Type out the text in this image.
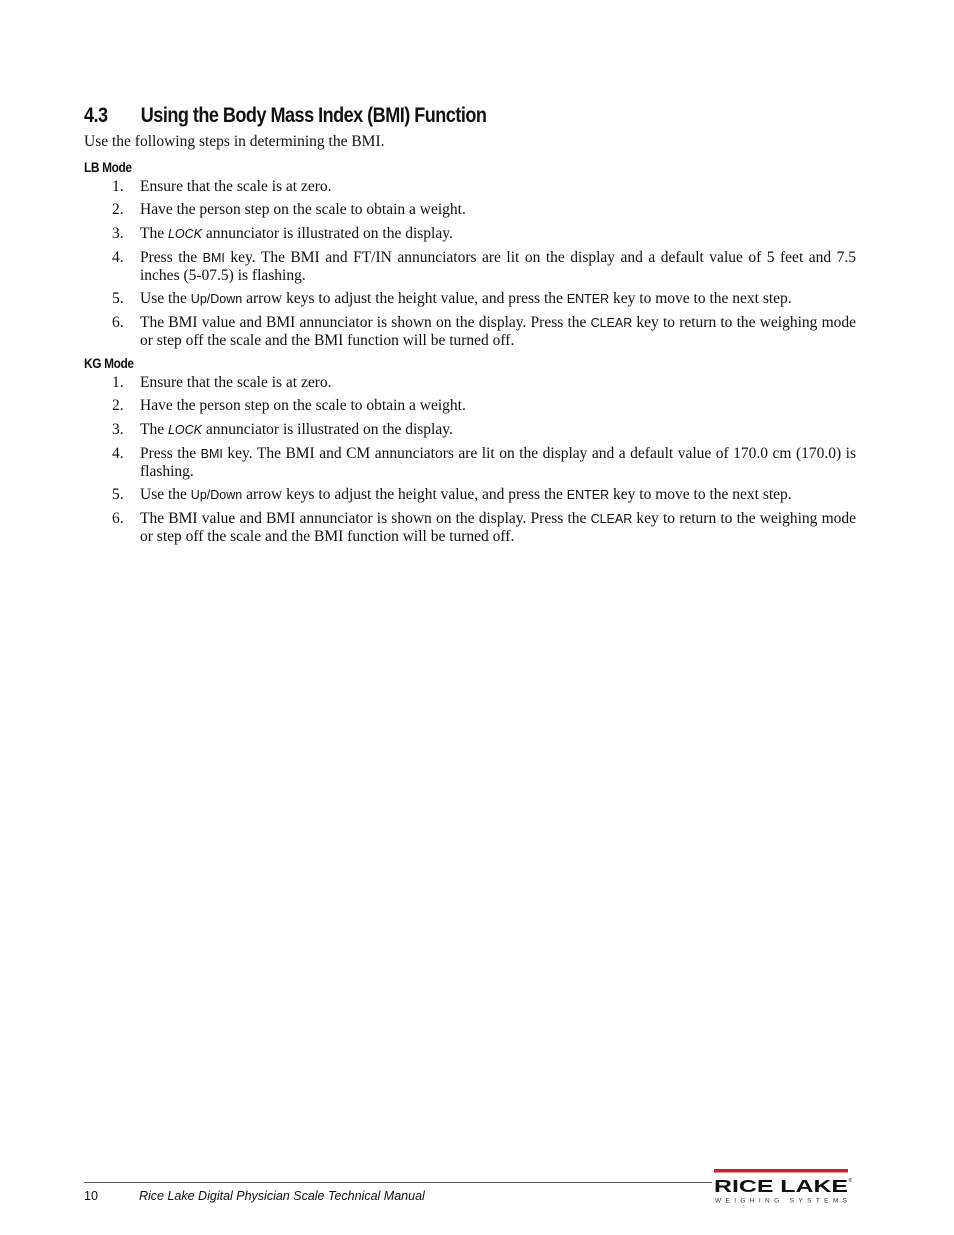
4.3 Using the Body Mass Index (BMI) Function

Use the following steps in determining the BMI.

LB Mode
1. Ensure that the scale is at zero.
2. Have the person step on the scale to obtain a weight.
3. The LOCK annunciator is illustrated on the display.
4. Press the BMI key. The BMI and FT/IN annunciators are lit on the display and a default value of 5 feet and 7.5 inches (5-07.5) is flashing.
5. Use the Up/Down arrow keys to adjust the height value, and press the ENTER key to move to the next step.
6. The BMI value and BMI annunciator is shown on the display. Press the CLEAR key to return to the weighing mode or step off the scale and the BMI function will be turned off.
KG Mode
1. Ensure that the scale is at zero.
2. Have the person step on the scale to obtain a weight.
3. The LOCK annunciator is illustrated on the display.
4. Press the BMI key. The BMI and CM annunciators are lit on the display and a default value of 170.0 cm (170.0) is flashing.
5. Use the Up/Down arrow keys to adjust the height value, and press the ENTER key to move to the next step.
6. The BMI value and BMI annunciator is shown on the display. Press the CLEAR key to return to the weighing mode or step off the scale and the BMI function will be turned off.
10	Rice Lake Digital Physician Scale Technical Manual	RICE LAKE ®
WEIGHING SYSTEMS
